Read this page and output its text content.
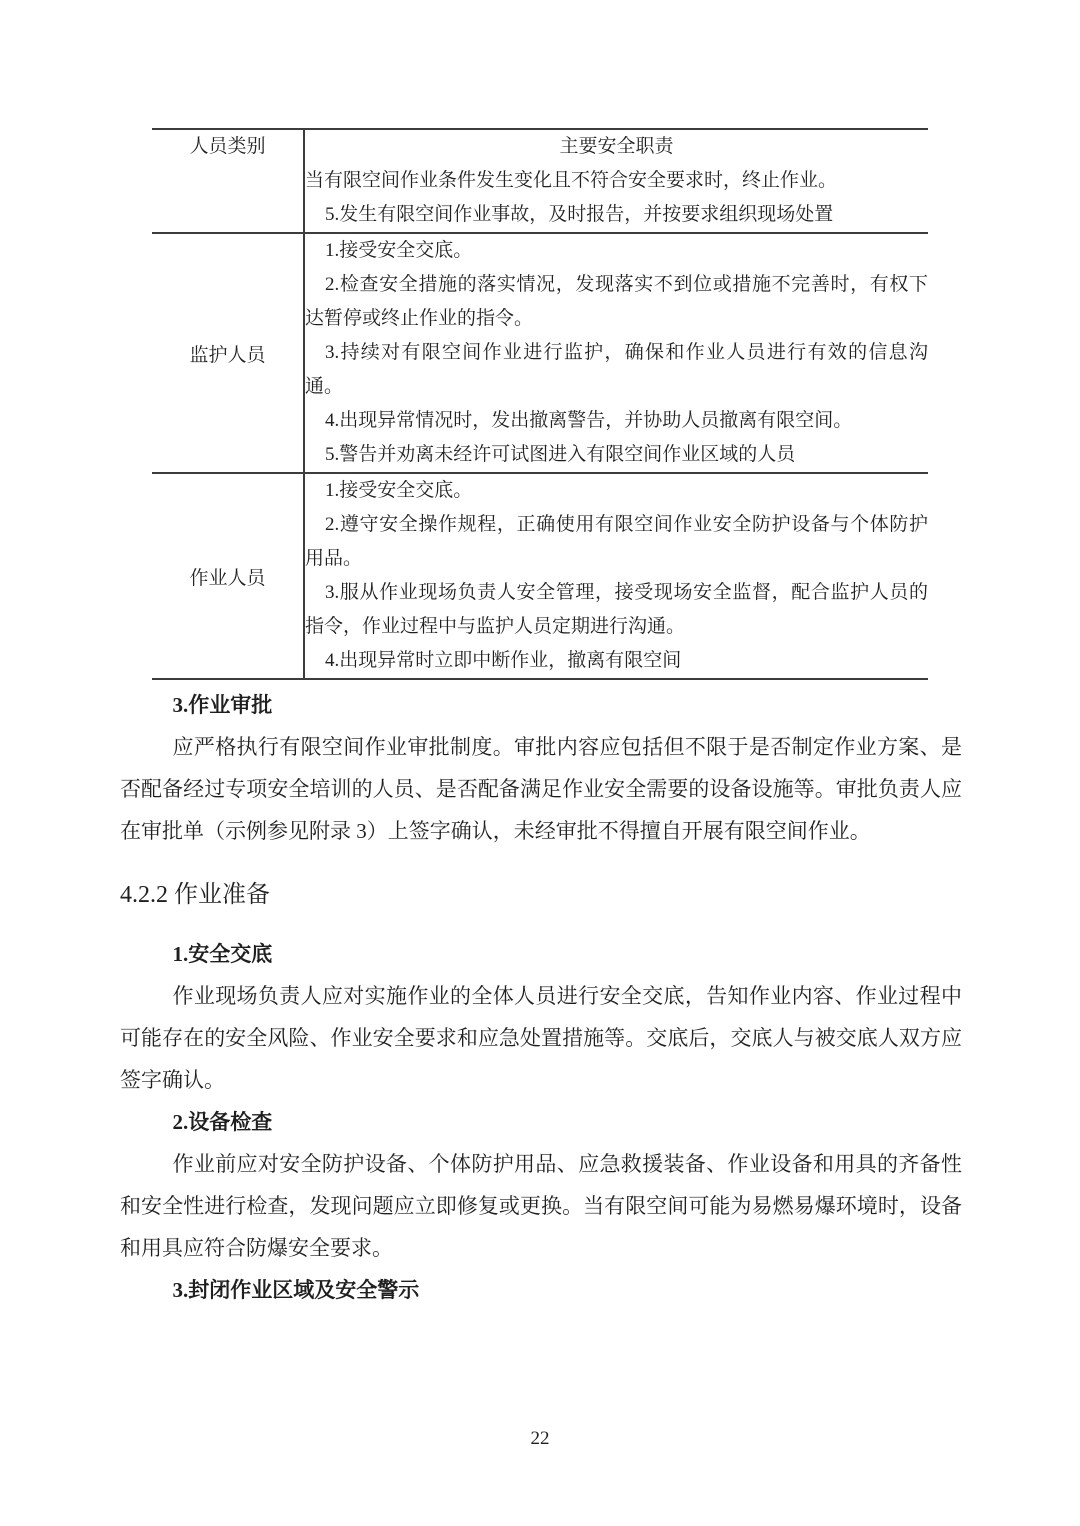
人员类别	主要安全职责

	当有限空间作业条件发生变化且不符合安全要求时，终止作业。

5.发生有限空间作业事故，及时报告，并按要求组织现场处置

监护人员	1.接受安全交底。

2.检查安全措施的落实情况，发现落实不到位或措施不完善时，有权下达暂停或终止作业的指令。

3.持续对有限空间作业进行监护，确保和作业人员进行有效的信息沟通。

4.出现异常情况时，发出撤离警告，并协助人员撤离有限空间。

5.警告并劝离未经许可试图进入有限空间作业区域的人员

作业人员	1.接受安全交底。

2.遵守安全操作规程，正确使用有限空间作业安全防护设备与个体防护用品。

3.服从作业现场负责人安全管理，接受现场安全监督，配合监护人员的指令，作业过程中与监护人员定期进行沟通。

4.出现异常时立即中断作业，撤离有限空间

3.作业审批

应严格执行有限空间作业审批制度。审批内容应包括但不限于是否制定作业方案、是否配备经过专项安全培训的人员、是否配备满足作业安全需要的设备设施等。审批负责人应在审批单（示例参见附录 3）上签字确认，未经审批不得擅自开展有限空间作业。

4.2.2 作业准备
1.安全交底

作业现场负责人应对实施作业的全体人员进行安全交底，告知作业内容、作业过程中可能存在的安全风险、作业安全要求和应急处置措施等。交底后，交底人与被交底人双方应签字确认。

2.设备检查

作业前应对安全防护设备、个体防护用品、应急救援装备、作业设备和用具的齐备性和安全性进行检查，发现问题应立即修复或更换。当有限空间可能为易燃易爆环境时，设备和用具应符合防爆安全要求。

3.封闭作业区域及安全警示
22
